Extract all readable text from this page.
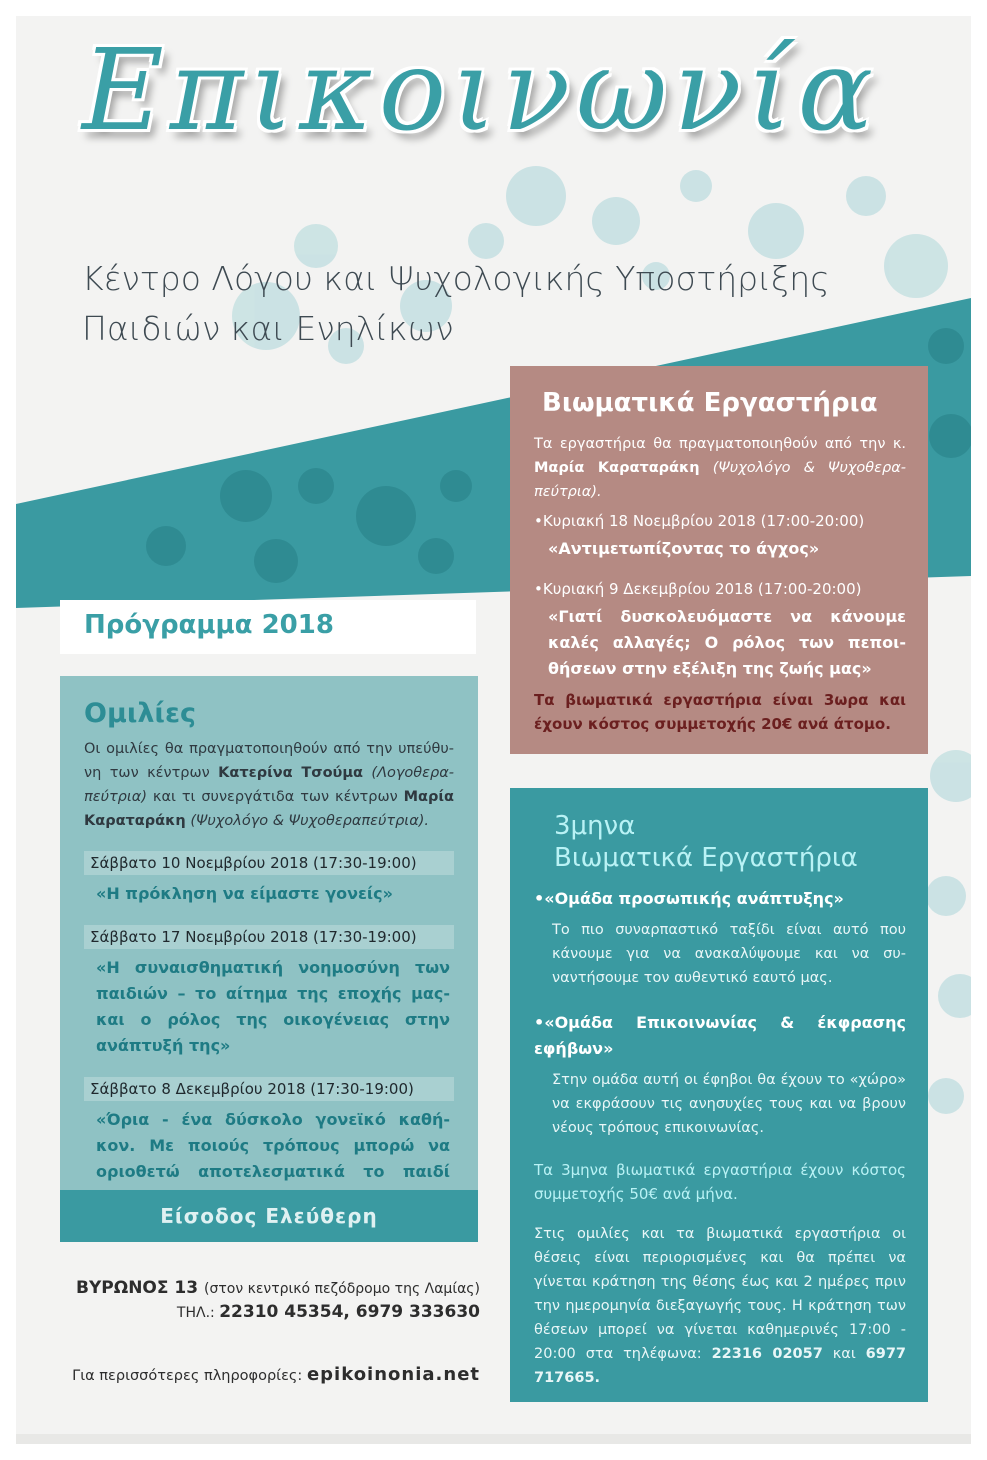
Επικοινωνία
Κέντρο Λόγου και Ψυχολογικής Υποστήριξης
Παιδιών και Ενηλίκων
Βιωματικά Εργαστήρια
Τα εργαστήρια θα πραγματοποιηθούν από την κ. Μαρία Καραταράκη (Ψυχολόγο & Ψυχοθερα-πεύτρια).
•Κυριακή 18 Νοεμβρίου 2018 (17:00-20:00)
«Αντιμετωπίζοντας το άγχος»
•Κυριακή 9 Δεκεμβρίου 2018 (17:00-20:00)
«Γιατί δυσκολευόμαστε να κάνουμε καλές αλλαγές; Ο ρόλος των πεποι-θήσεων στην εξέλιξη της ζωής μας»
Τα βιωματικά εργαστήρια είναι 3ωρα και έχουν κόστος συμμετοχής 20€ ανά άτομο.
Πρόγραμμα 2018
Ομιλίες
Οι ομιλίες θα πραγματοποιηθούν από την υπεύθυ-νη των κέντρων Κατερίνα Τσούμα (Λογοθερα-πεύτρια) και τι συνεργάτιδα των κέντρων Μαρία Καραταράκη (Ψυχολόγο & Ψυχοθεραπεύτρια).
Σάββατο 10 Νοεμβρίου 2018 (17:30-19:00)
«Η πρόκληση να είμαστε γονείς»
Σάββατο 17 Νοεμβρίου 2018 (17:30-19:00)
«Η συναισθηματική νοημοσύνη των παιδιών – το αίτημα της εποχής μας-και ο ρόλος της οικογένειας στην ανάπτυξή της»
Σάββατο 8 Δεκεμβρίου 2018 (17:30-19:00)
«Όρια - ένα δύσκολο γονεϊκό καθή-κον. Με ποιούς τρόπους μπορώ να οριοθετώ αποτελεσματικά το παιδί
Είσοδος Ελεύθερη
3μηνα
Βιωματικά Εργαστήρια
•«Ομάδα προσωπικής ανάπτυξης»
Το πιο συναρπαστικό ταξίδι είναι αυτό που κάνουμε για να ανακαλύψουμε και να συ-ναντήσουμε τον αυθεντικό εαυτό μας.
•«Ομάδα Επικοινωνίας & έκφρασης εφήβων»
Στην ομάδα αυτή οι έφηβοι θα έχουν το «χώρο» να εκφράσουν τις ανησυχίες τους και να βρουν νέους τρόπους επικοινωνίας.
Τα 3μηνα βιωματικά εργαστήρια έχουν κόστος συμμετοχής 50€ ανά μήνα.
Στις ομιλίες και τα βιωματικά εργαστήρια οι θέσεις είναι περιορισμένες και θα πρέπει να γίνεται κράτηση της θέσης έως και 2 ημέρες πριν την ημερομηνία διεξαγωγής τους. Η κράτηση των θέσεων μπορεί να γίνεται καθημερινές 17:00 - 20:00 στα τηλέφωνα: 22316 02057 και 6977 717665.
ΒΥΡΩΝΟΣ 13 (στον κεντρικό πεζόδρομο της Λαμίας)
ΤΗΛ.: 22310 45354, 6979 333630
Για περισσότερες πληροφορίες: epikoinonia.net
